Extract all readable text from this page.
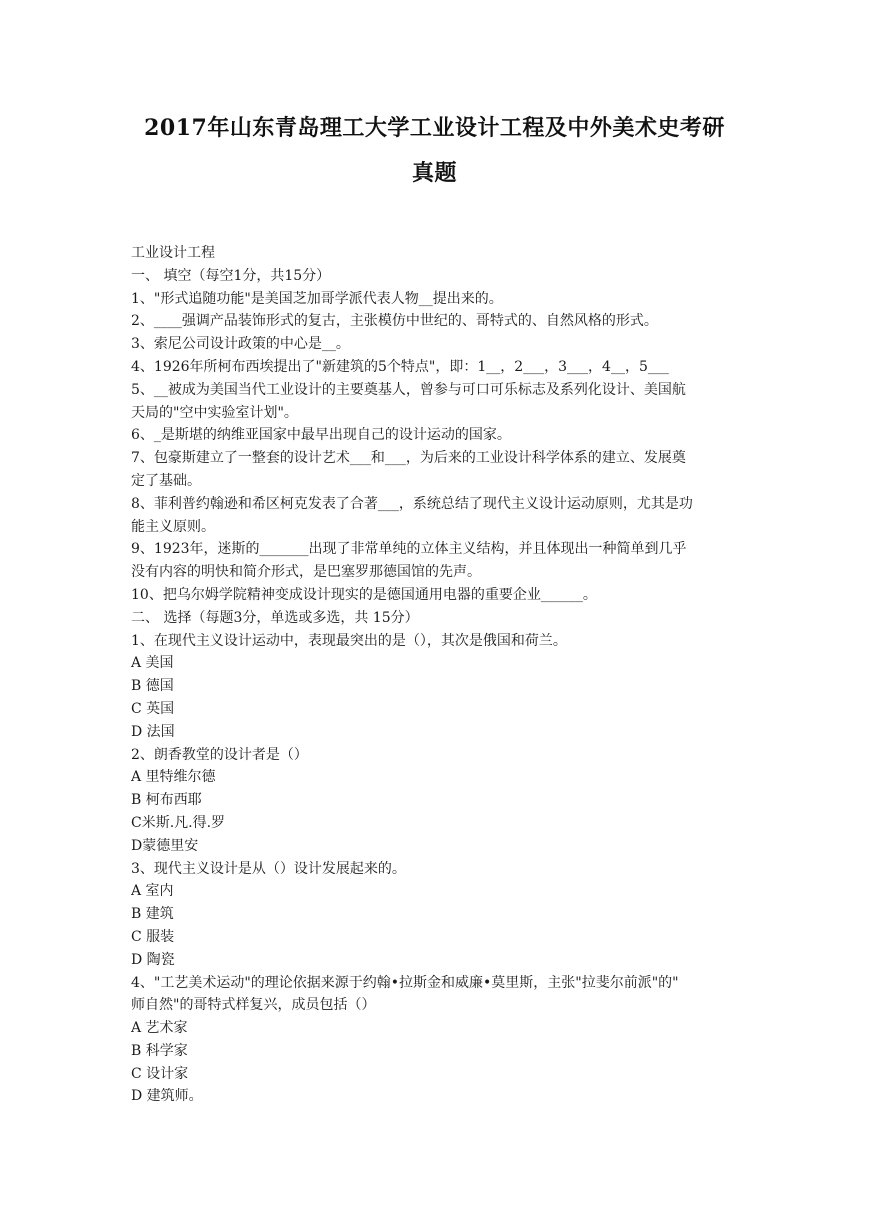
2017年山东青岛理工大学工业设计工程及中外美术史考研
真题
工业设计工程
一、 填空（每空1分，共15分）
1、"形式追随功能"是美国芝加哥学派代表人物__提出来的。
2、____强调产品装饰形式的复古，主张模仿中世纪的、哥特式的、自然风格的形式。
3、索尼公司设计政策的中心是__。
4、1926年所柯布西埃提出了"新建筑的5个特点"，即：1__，2___，3___，4__，5___
5、__被成为美国当代工业设计的主要奠基人，曾参与可口可乐标志及系列化设计、美国航
天局的"空中实验室计划"。
6、_是斯堪的纳维亚国家中最早出现自己的设计运动的国家。
7、包豪斯建立了一整套的设计艺术___和___，为后来的工业设计科学体系的建立、发展奠
定了基础。
8、菲利普约翰逊和希区柯克发表了合著___，系统总结了现代主义设计运动原则，尤其是功
能主义原则。
9、1923年，迷斯的_______出现了非常单纯的立体主义结构，并且体现出一种简单到几乎
没有内容的明快和简介形式，是巴塞罗那德国馆的先声。
10、把乌尔姆学院精神变成设计现实的是德国通用电器的重要企业______。
二、 选择（每题3分，单选或多选，共 15分）
1、在现代主义设计运动中，表现最突出的是（），其次是俄国和荷兰。
A 美国
B 德国
C 英国
D 法国
2、朗香教堂的设计者是（）
A 里特维尔德
B 柯布西耶
C米斯.凡.得.罗
D蒙德里安
3、现代主义设计是从（）设计发展起来的。
A 室内
B 建筑
C 服装
D 陶瓷
4、"工艺美术运动"的理论依据来源于约翰•拉斯金和威廉•莫里斯，主张"拉斐尔前派"的"
师自然"的哥特式样复兴，成员包括（）
A 艺术家
B 科学家
C 设计家
D 建筑师。
